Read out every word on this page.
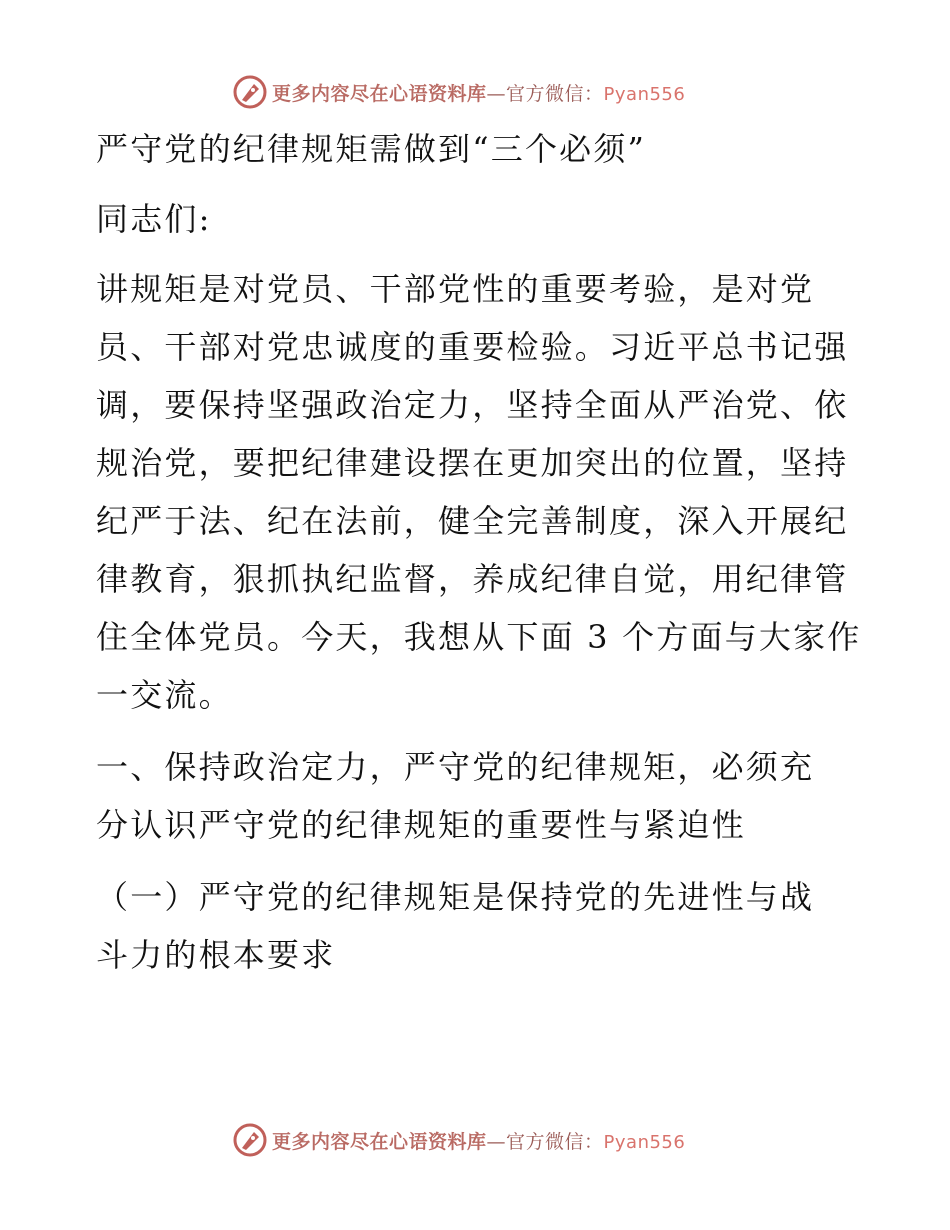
更多内容尽在心语资料库—官方微信：Pyan556
严守党的纪律规矩需做到“三个必须”
同志们:
讲规矩是对党员、干部党性的重要考验，是对党
员、干部对党忠诚度的重要检验。习近平总书记强
调，要保持坚强政治定力，坚持全面从严治党、依
规治党，要把纪律建设摆在更加突出的位置，坚持
纪严于法、纪在法前，健全完善制度，深入开展纪
律教育，狠抓执纪监督，养成纪律自觉，用纪律管
住全体党员。今天，我想从下面 3 个方面与大家作
一交流。
一、保持政治定力，严守党的纪律规矩，必须充
分认识严守党的纪律规矩的重要性与紧迫性
（一）严守党的纪律规矩是保持党的先进性与战
斗力的根本要求
更多内容尽在心语资料库—官方微信：Pyan556
